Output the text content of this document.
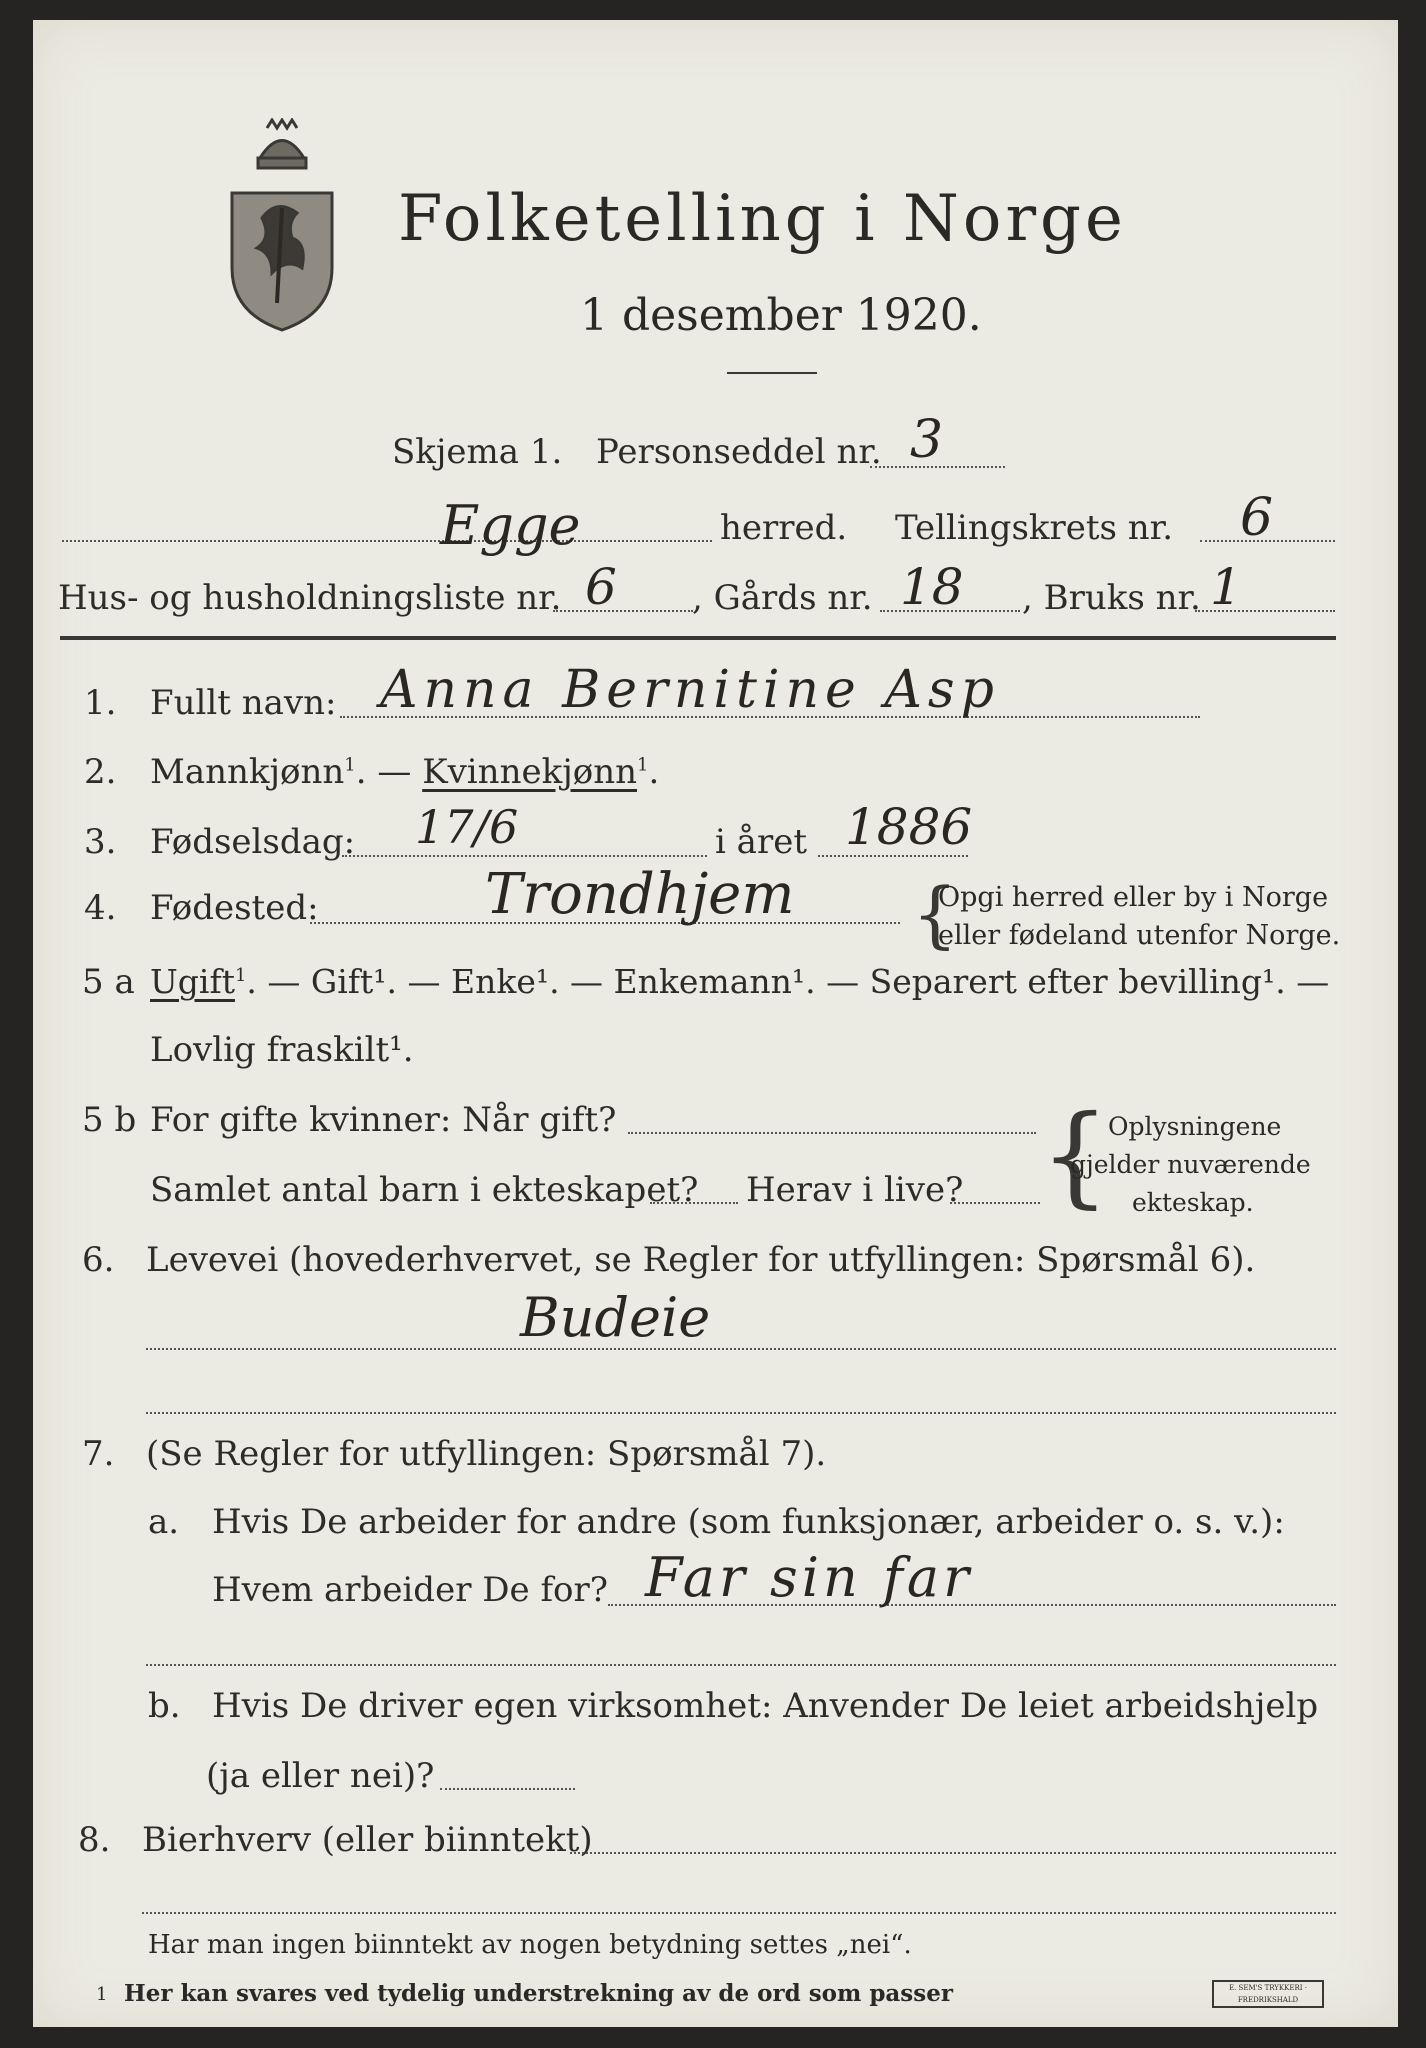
Folketelling i Norge
1 desember 1920.
Skjema 1. Personseddel nr. 3
Egge	herred. Tellingskrets nr. 6
Hus- og husholdningsliste nr. 6 , Gårds nr. 18 , Bruks nr. 1
1. Fullt navn: Anna Bernitine Asp
2. Mannkjønn$^1$. — Kvinnekjønn$^1$.
3. Fødselsdag: 17/6	i året 1886
4. Fødested:	Trondhjem {
Opgi herred eller by i Norge
eller fødeland utenfor Norge.
5 a Ugift$^1$. — Gift¹. — Enke¹. — Enkemann¹. — Separert efter bevilling¹. —
Lovlig fraskilt¹.
5 b For gifte kvinner: Når gift?
Samlet antal barn i ekteskapet? Herav i live? {
Oplysningene
gjelder nuværende
ekteskap.
6. Levevei (hovederhvervet, se Regler for utfyllingen: Spørsmål 6).
Budeie
7. (Se Regler for utfyllingen: Spørsmål 7).
a. Hvis De arbeider for andre (som funksjonær, arbeider o. s. v.):
Hvem arbeider De for? Far sin far
b. Hvis De driver egen virksomhet: Anvender De leiet arbeidshjelp
(ja eller nei)?
8. Bierhverv (eller biinntekt)
Har man ingen biinntekt av nogen betydning settes „nei“.
1 Her kan svares ved tydelig understrekning av de ord som passer	E. SEM'S TRYKKERI · FREDRIKSHALD
